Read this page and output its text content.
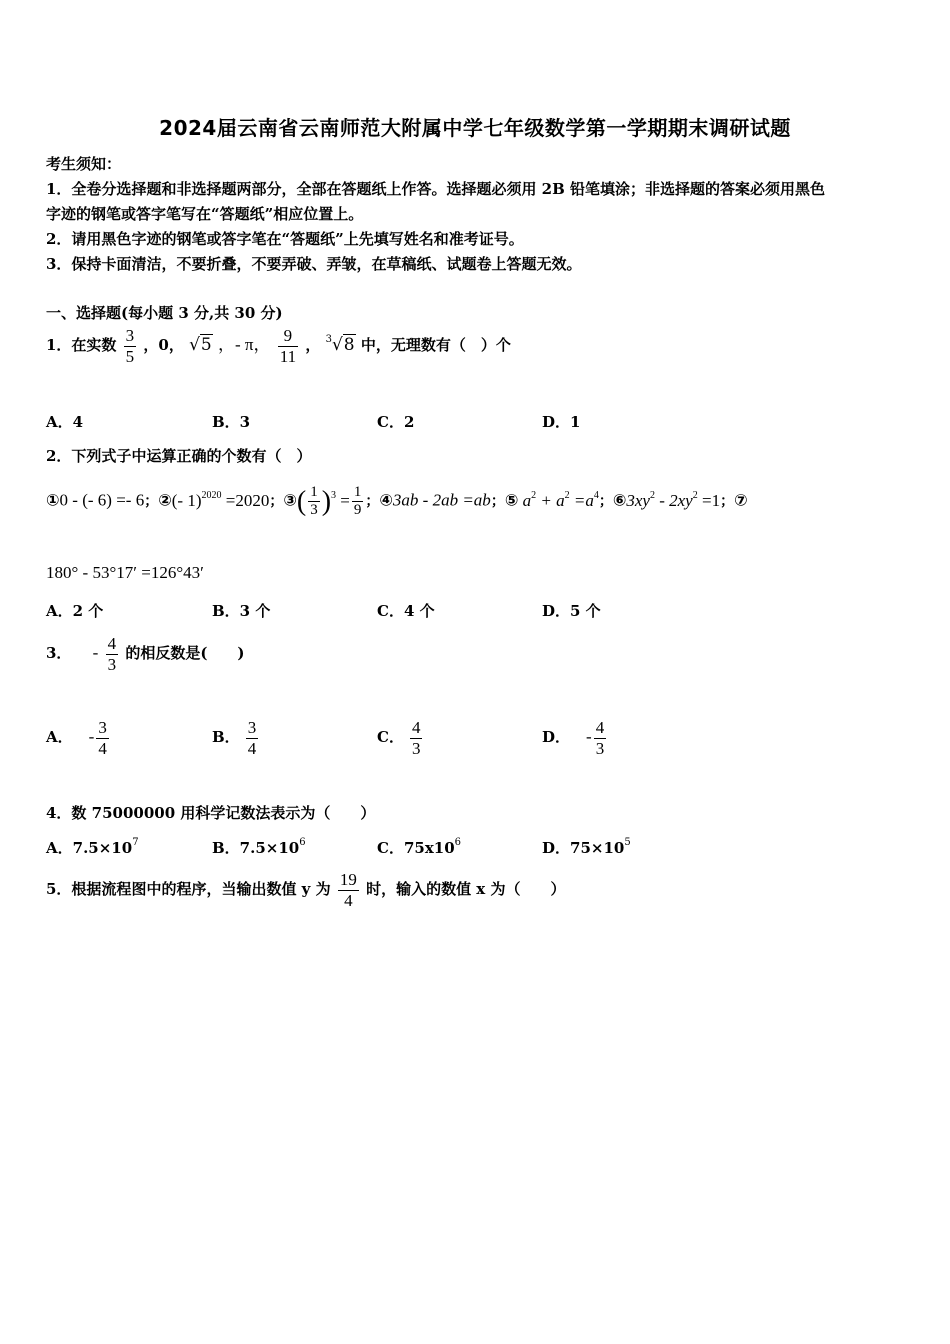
2024届云南省云南师范大附属中学七年级数学第一学期期末调研试题
考生须知：
1．全卷分选择题和非选择题两部分，全部在答题纸上作答。选择题必须用 2B 铅笔填涂；非选择题的答案必须用黑色
字迹的钢笔或答字笔写在“答题纸”相应位置上。
2．请用黑色字迹的钢笔或答字笔在“答题纸”上先填写姓名和准考证号。
3．保持卡面清洁，不要折叠，不要弄破、弄皱，在草稿纸、试题卷上答题无效。
一、选择题(每小题 3 分,共 30 分)
1．在实数 $\frac{3}{5}$ ，0， √5 ，- π， $\frac{9}{11}$ ， $^3$√8 中，无理数有（　）个
A．4	B．3	C．2	D．1
2．下列式子中运算正确的个数有（　）
①0 - (- 6) =- 6；②(- 1)$^{2020}$ =2020；③( $\frac{1}{3} )^3 = \frac{1}{9}$ ；④3ab - 2ab =ab；⑤ $a^2 + a^2 =a^4$；$⑥3xy^2 - 2xy^2 =1$；⑦
180° - 53°17′ =126°43′
A．2 个	B．3 个	C．4 个	D．5 个
3． - $\frac{4}{3}$ 的相反数是(　　)
A． - $\frac{3}{4}$	B． $\frac{3}{4}$	C． $\frac{4}{3}$	D． - $\frac{4}{3}$
4．数 75000000 用科学记数法表示为（　　）
A．$7.5\times 10^7$	B．$7.5\times 10^6$	C．$75x10^6$	D．$75\times 10^5$
5．根据流程图中的程序，当输出数值 y 为 $\frac{19}{4}$ 时，输入的数值 x 为（　　）
